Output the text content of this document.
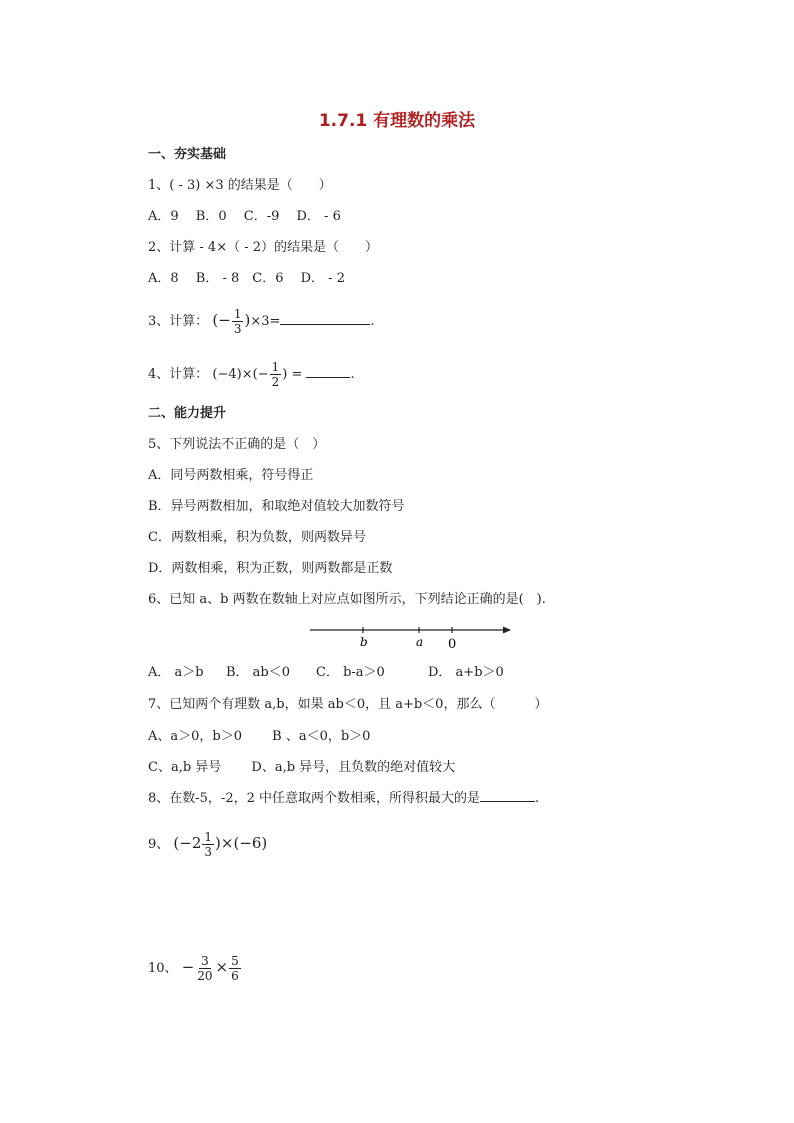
1.7.1 有理数的乘法
一、夯实基础
1、( - 3) ×3 的结果是（　　）
A．9　 B．0　 C．-9　 D． - 6
2、计算 - 4×（ - 2）的结果是（　　）
A．8　 B． - 8　C．6　 D． - 2
3、计算： (− $\frac{1}{3} )\times 3=$	.
4、计算： $(-4)\times(- \frac{1}{2}$ ) =	.
二、能力提升
5、下列说法不正确的是（　）
A．同号两数相乘，符号得正
B．异号两数相加，和取绝对值较大加数符号
C．两数相乘，积为负数，则两数异号
D．两数相乘，积为正数，则两数都是正数
6、已知 a、b 两数在数轴上对应点如图所示，下列结论正确的是(　).
b	a 0
A． a＞b B． ab＜0 C． b-a＞0	D． a+b＞0
7、已知两个有理数 a,b，如果 ab＜0，且 a+b＜0，那么（　　　）
A、a＞0，b＞0　　 B 、a＜0，b＞0
C、a,b 异号　　 D、a,b 异号，且负数的绝对值较大
8、在数-5，-2，2 中任意取两个数相乘，所得积最大的是	.
9、 $(-2 \frac{1}{3} )\times(-6)$
10、 − $\frac{3}{20} \times \frac{5}{6}$
